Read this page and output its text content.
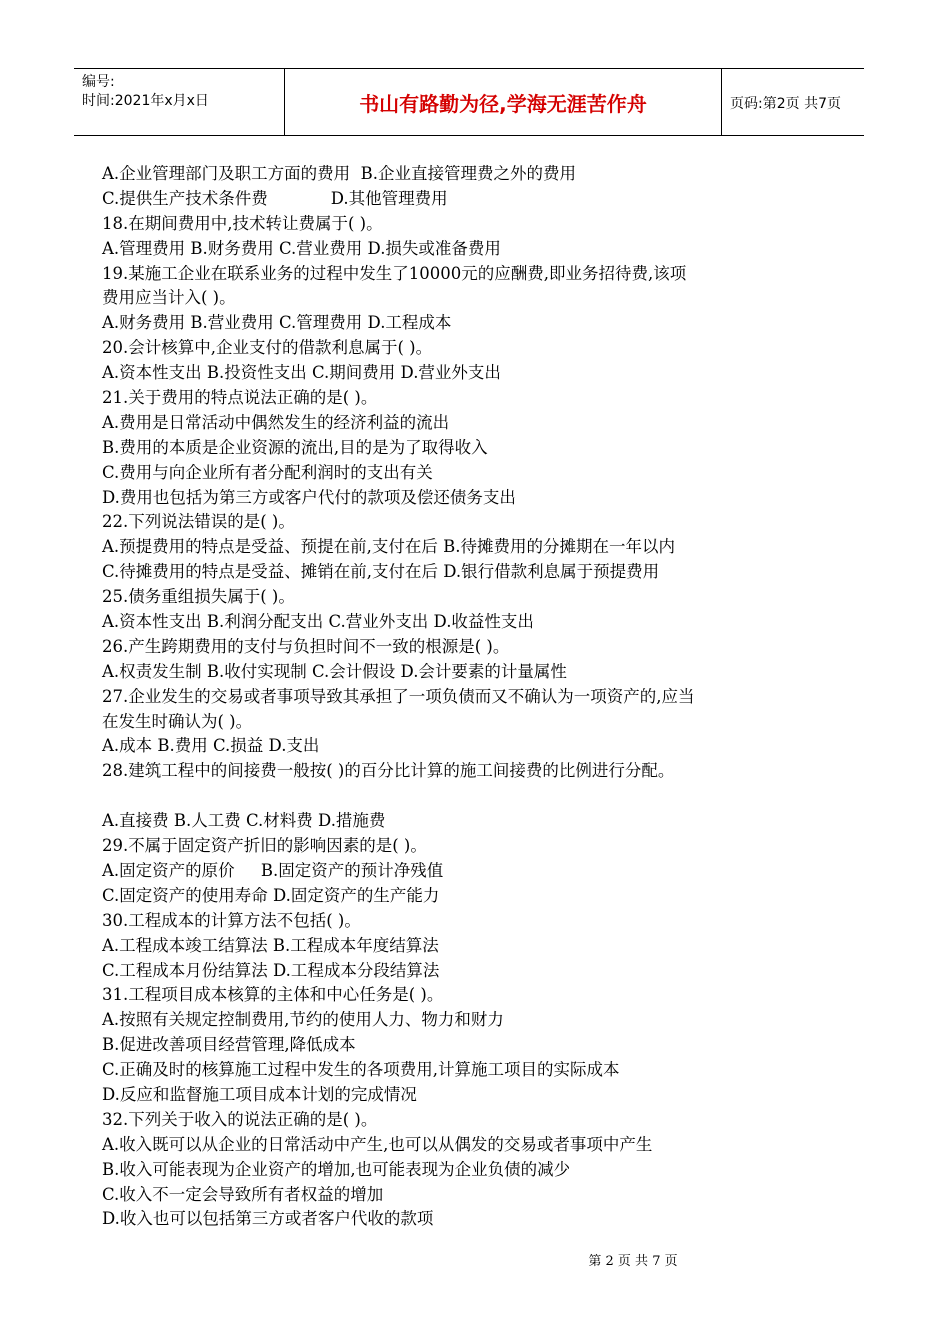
编号:
时间:2021年x月x日	书山有路勤为径,学海无涯苦作舟	页码:第2页 共7页
A.企业管理部门及职工方面的费用  B.企业直接管理费之外的费用
C.提供生产技术条件费            D.其他管理费用
18.在期间费用中,技术转让费属于( )。
A.管理费用 B.财务费用 C.营业费用 D.损失或准备费用
19.某施工企业在联系业务的过程中发生了10000元的应酬费,即业务招待费,该项
费用应当计入( )。
A.财务费用 B.营业费用 C.管理费用 D.工程成本
20.会计核算中,企业支付的借款利息属于( )。
A.资本性支出 B.投资性支出 C.期间费用 D.营业外支出
21.关于费用的特点说法正确的是( )。
A.费用是日常活动中偶然发生的经济利益的流出
B.费用的本质是企业资源的流出,目的是为了取得收入
C.费用与向企业所有者分配利润时的支出有关
D.费用也包括为第三方或客户代付的款项及偿还债务支出
22.下列说法错误的是( )。
A.预提费用的特点是受益、预提在前,支付在后 B.待摊费用的分摊期在一年以内
C.待摊费用的特点是受益、摊销在前,支付在后 D.银行借款利息属于预提费用
25.债务重组损失属于( )。
A.资本性支出 B.利润分配支出 C.营业外支出 D.收益性支出
26.产生跨期费用的支付与负担时间不一致的根源是( )。
A.权责发生制 B.收付实现制 C.会计假设 D.会计要素的计量属性
27.企业发生的交易或者事项导致其承担了一项负债而又不确认为一项资产的,应当
在发生时确认为( )。
A.成本 B.费用 C.损益 D.支出
28.建筑工程中的间接费一般按( )的百分比计算的施工间接费的比例进行分配。
A.直接费 B.人工费 C.材料费 D.措施费
29.不属于固定资产折旧的影响因素的是( )。
A.固定资产的原价     B.固定资产的预计净残值
C.固定资产的使用寿命 D.固定资产的生产能力
30.工程成本的计算方法不包括( )。
A.工程成本竣工结算法 B.工程成本年度结算法
C.工程成本月份结算法 D.工程成本分段结算法
31.工程项目成本核算的主体和中心任务是( )。
A.按照有关规定控制费用,节约的使用人力、物力和财力
B.促进改善项目经营管理,降低成本
C.正确及时的核算施工过程中发生的各项费用,计算施工项目的实际成本
D.反应和监督施工项目成本计划的完成情况
32.下列关于收入的说法正确的是( )。
A.收入既可以从企业的日常活动中产生,也可以从偶发的交易或者事项中产生
B.收入可能表现为企业资产的增加,也可能表现为企业负债的减少
C.收入不一定会导致所有者权益的增加
D.收入也可以包括第三方或者客户代收的款项
第 2 页 共 7 页
